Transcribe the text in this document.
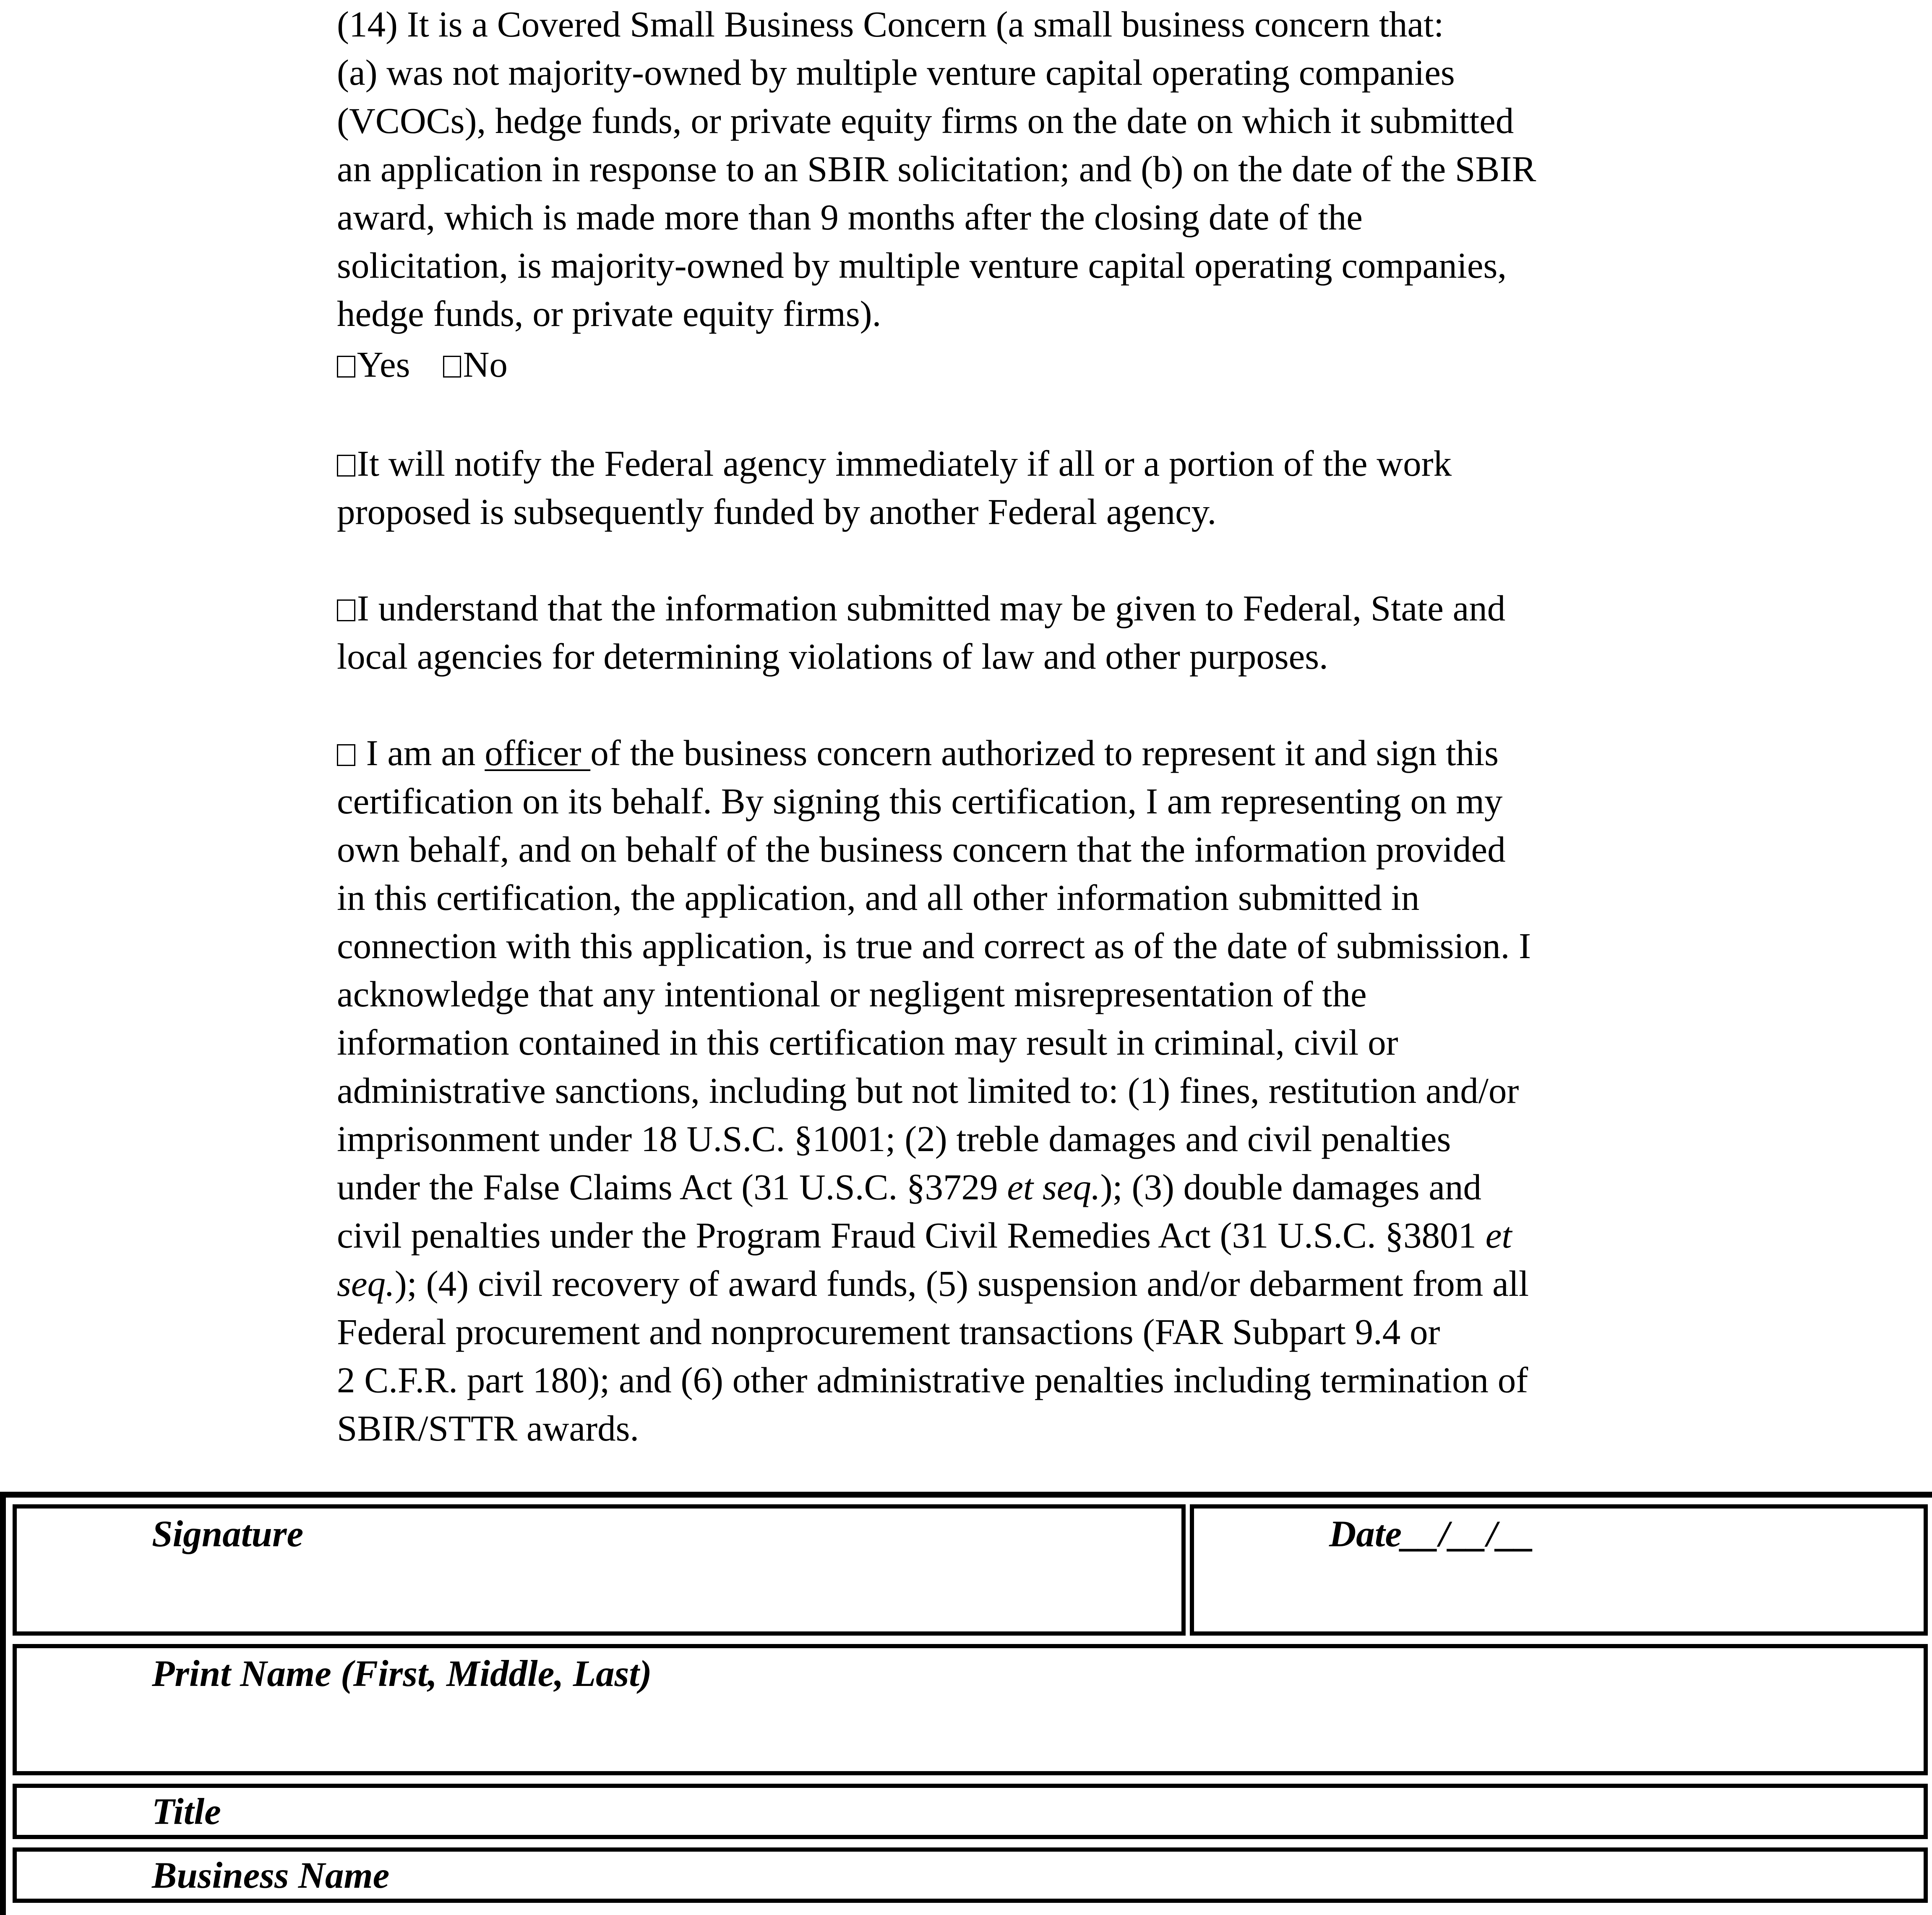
(14) It is a Covered Small Business Concern (a small business concern that:
(a) was not majority-owned by multiple venture capital operating companies
(VCOCs), hedge funds, or private equity firms on the date on which it submitted
an application in response to an SBIR solicitation; and (b) on the date of the SBIR
award, which is made more than 9 months after the closing date of the
solicitation, is majority-owned by multiple venture capital operating companies,
hedge funds, or private equity firms).
Yes No
It will notify the Federal agency immediately if all or a portion of the work
proposed is subsequently funded by another Federal agency.
I understand that the information submitted may be given to Federal, State and
local agencies for determining violations of law and other purposes.
I am an officer of the business concern authorized to represent it and sign this
certification on its behalf. By signing this certification, I am representing on my
own behalf, and on behalf of the business concern that the information provided
in this certification, the application, and all other information submitted in
connection with this application, is true and correct as of the date of submission. I
acknowledge that any intentional or negligent misrepresentation of the
information contained in this certification may result in criminal, civil or
administrative sanctions, including but not limited to: (1) fines, restitution and/or
imprisonment under 18 U.S.C. §1001; (2) treble damages and civil penalties
under the False Claims Act (31 U.S.C. §3729 et seq.); (3) double damages and
civil penalties under the Program Fraud Civil Remedies Act (31 U.S.C. §3801 et
seq.); (4) civil recovery of award funds, (5) suspension and/or debarment from all
Federal procurement and nonprocurement transactions (FAR Subpart 9.4 or
2 C.F.R. part 180); and (6) other administrative penalties including termination of
SBIR/STTR awards.
Signature	Date__/__/__
Print Name (First, Middle, Last)
Title
Business Name
